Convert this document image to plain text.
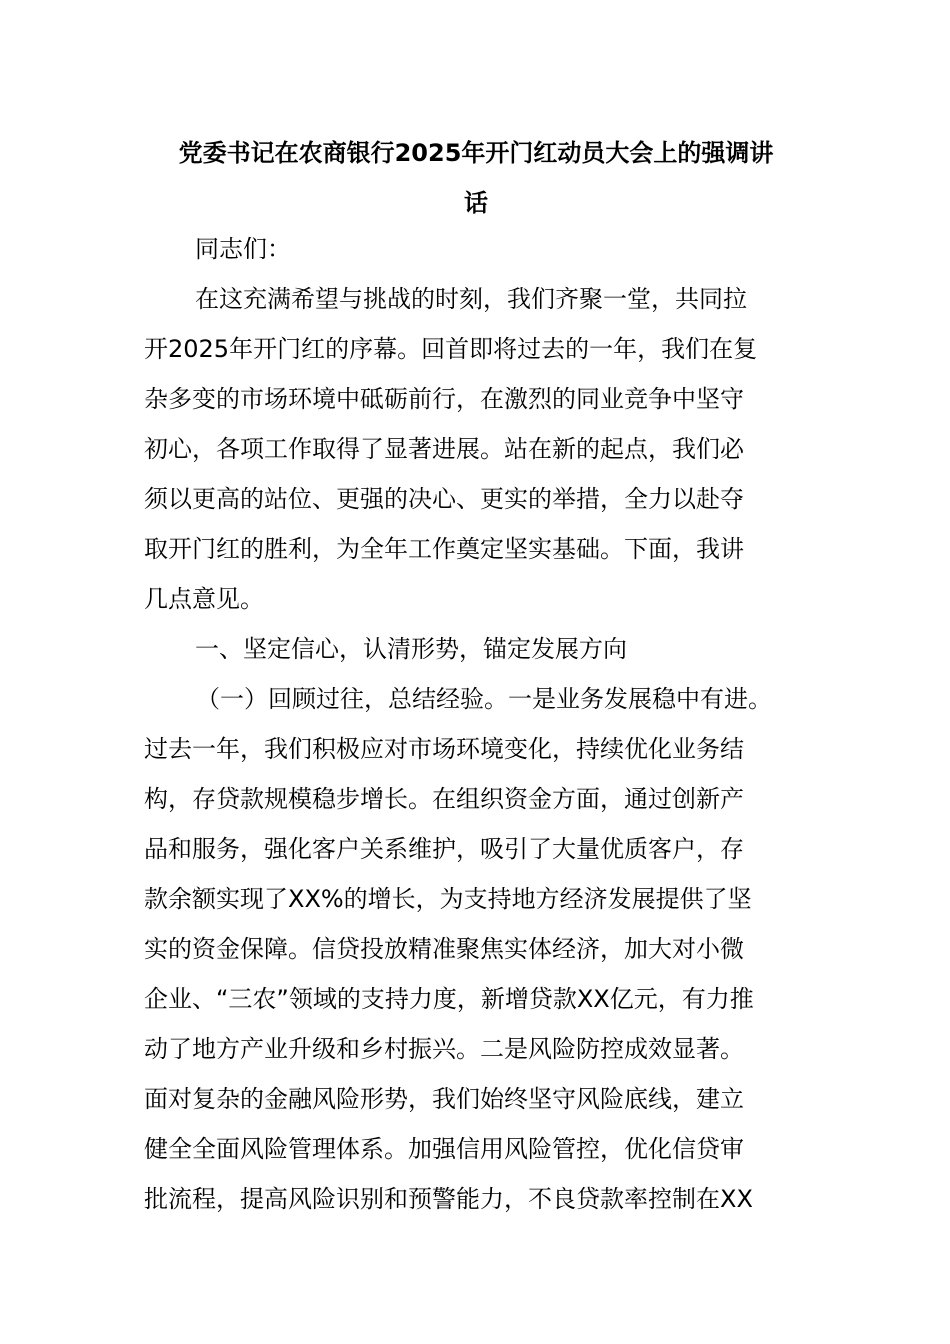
党委书记在农商银行2025年开门红动员大会上的强调讲
话
同志们：
在这充满希望与挑战的时刻，我们齐聚一堂，共同拉
开2025年开门红的序幕。回首即将过去的一年，我们在复
杂多变的市场环境中砥砺前行，在激烈的同业竞争中坚守
初心，各项工作取得了显著进展。站在新的起点，我们必
须以更高的站位、更强的决心、更实的举措，全力以赴夺
取开门红的胜利，为全年工作奠定坚实基础。下面，我讲
几点意见。
一、坚定信心，认清形势，锚定发展方向
（一）回顾过往，总结经验。一是业务发展稳中有进。
过去一年，我们积极应对市场环境变化，持续优化业务结
构，存贷款规模稳步增长。在组织资金方面，通过创新产
品和服务，强化客户关系维护，吸引了大量优质客户，存
款余额实现了XX%的增长，为支持地方经济发展提供了坚
实的资金保障。信贷投放精准聚焦实体经济，加大对小微
企业、“三农”领域的支持力度，新增贷款XX亿元，有力推
动了地方产业升级和乡村振兴。二是风险防控成效显著。
面对复杂的金融风险形势，我们始终坚守风险底线，建立
健全全面风险管理体系。加强信用风险管控，优化信贷审
批流程，提高风险识别和预警能力，不良贷款率控制在XX
